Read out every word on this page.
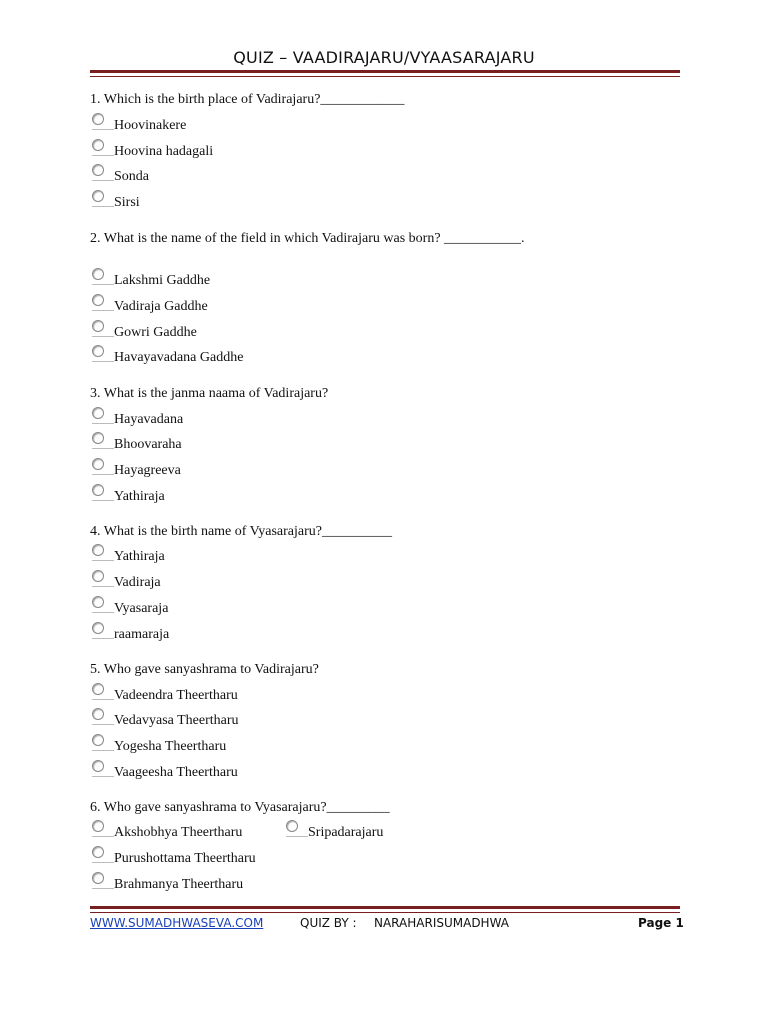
QUIZ – VAADIRAJARU/VYAASARAJARU
1. Which is the birth place of Vadirajaru?____________
Hoovinakere
Hoovina hadagali
Sonda
Sirsi
2. What is the name of the field in which Vadirajaru was born? ___________.
Lakshmi Gaddhe
Vadiraja Gaddhe
Gowri Gaddhe
Havayavadana Gaddhe
3. What is the janma naama of Vadirajaru?
Hayavadana
Bhoovaraha
Hayagreeva
Yathiraja
4. What is the birth name of Vyasarajaru?__________
Yathiraja
Vadiraja
Vyasaraja
raamaraja
5. Who gave sanyashrama to Vadirajaru?
Vadeendra Theertharu
Vedavyasa Theertharu
Yogesha Theertharu
Vaageesha Theertharu
6. Who gave sanyashrama to Vyasarajaru?_________
Akshobhya Theertharu	Sripadarajaru
Purushottama Theertharu
Brahmanya Theertharu
WWW.SUMADHWASEVA.COM	QUIZ BY : NARAHARISUMADHWA	Page 1
